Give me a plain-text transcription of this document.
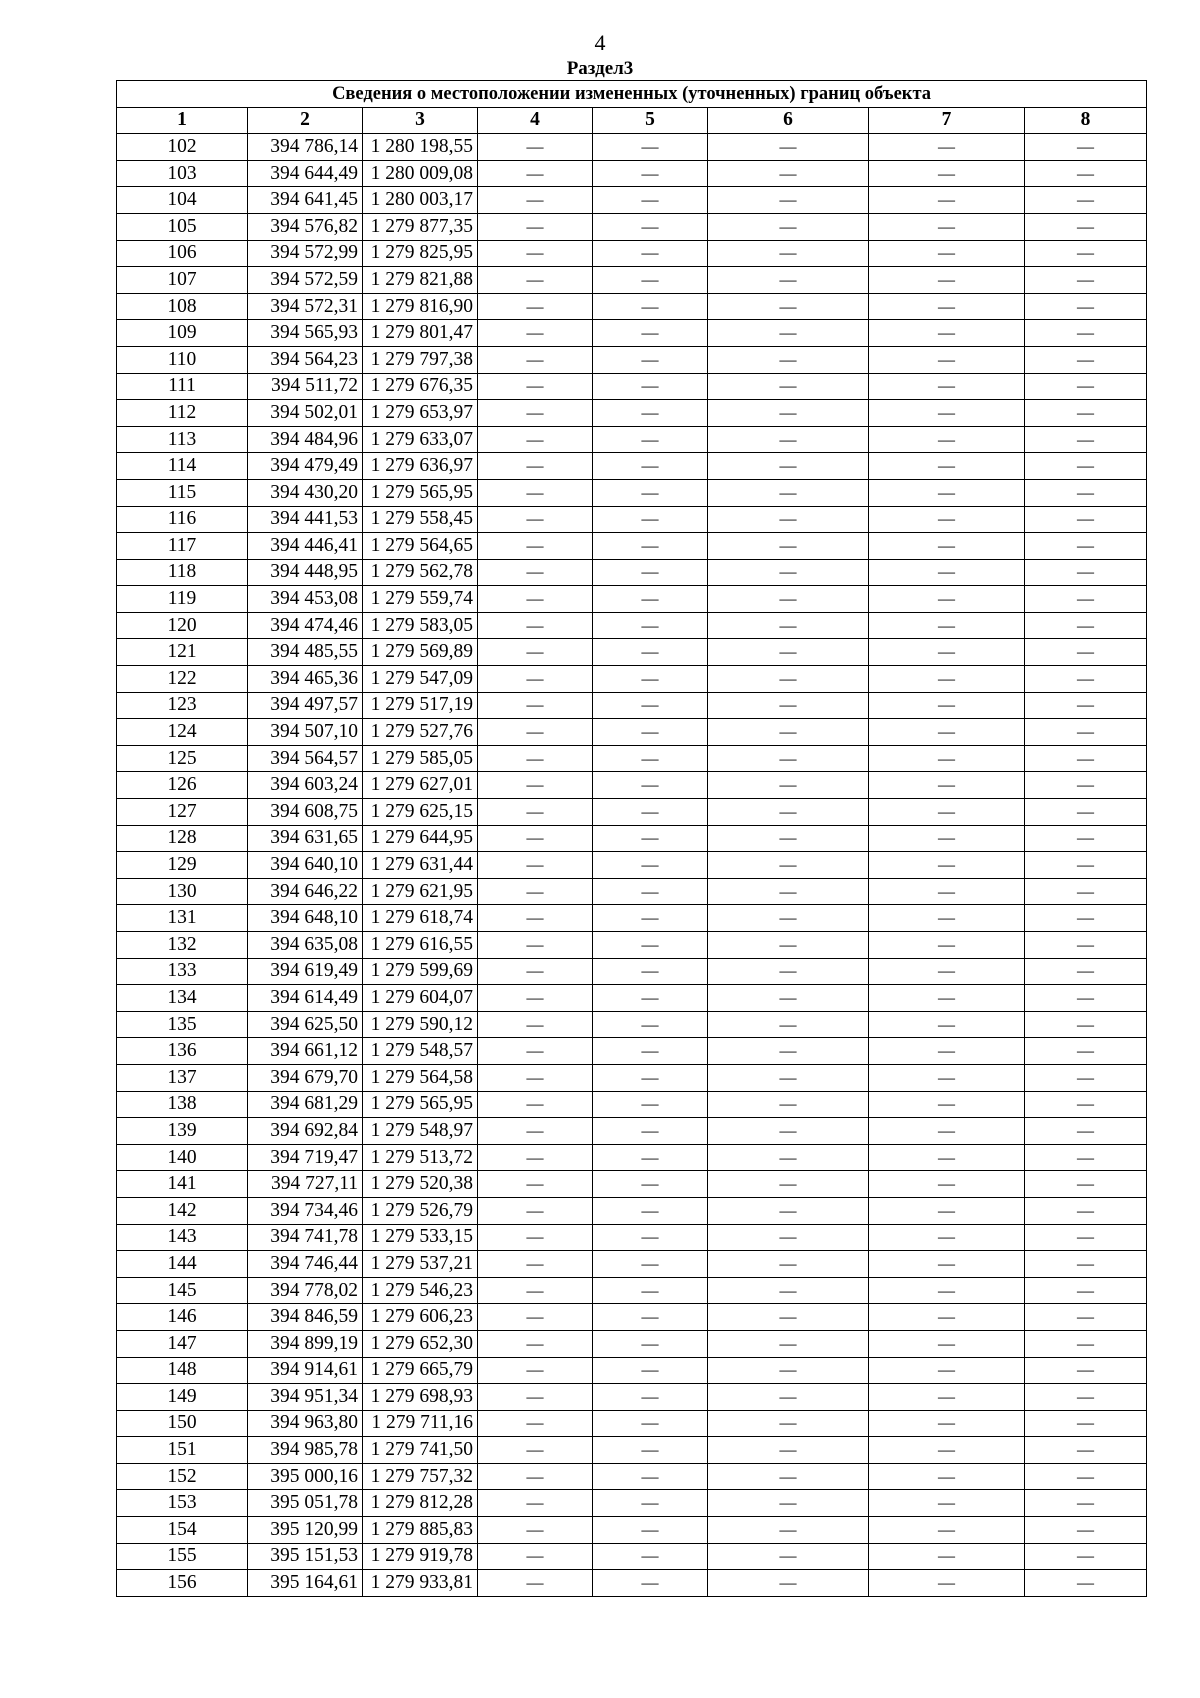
4
Раздел3
Сведения о местоположении измененных (уточненных) границ объекта							
1	2	3	4	5	6	7	8
102	394 786,14	1 280 198,55	—	—	—	—	—
103	394 644,49	1 280 009,08	—	—	—	—	—
104	394 641,45	1 280 003,17	—	—	—	—	—
105	394 576,82	1 279 877,35	—	—	—	—	—
106	394 572,99	1 279 825,95	—	—	—	—	—
107	394 572,59	1 279 821,88	—	—	—	—	—
108	394 572,31	1 279 816,90	—	—	—	—	—
109	394 565,93	1 279 801,47	—	—	—	—	—
110	394 564,23	1 279 797,38	—	—	—	—	—
111	394 511,72	1 279 676,35	—	—	—	—	—
112	394 502,01	1 279 653,97	—	—	—	—	—
113	394 484,96	1 279 633,07	—	—	—	—	—
114	394 479,49	1 279 636,97	—	—	—	—	—
115	394 430,20	1 279 565,95	—	—	—	—	—
116	394 441,53	1 279 558,45	—	—	—	—	—
117	394 446,41	1 279 564,65	—	—	—	—	—
118	394 448,95	1 279 562,78	—	—	—	—	—
119	394 453,08	1 279 559,74	—	—	—	—	—
120	394 474,46	1 279 583,05	—	—	—	—	—
121	394 485,55	1 279 569,89	—	—	—	—	—
122	394 465,36	1 279 547,09	—	—	—	—	—
123	394 497,57	1 279 517,19	—	—	—	—	—
124	394 507,10	1 279 527,76	—	—	—	—	—
125	394 564,57	1 279 585,05	—	—	—	—	—
126	394 603,24	1 279 627,01	—	—	—	—	—
127	394 608,75	1 279 625,15	—	—	—	—	—
128	394 631,65	1 279 644,95	—	—	—	—	—
129	394 640,10	1 279 631,44	—	—	—	—	—
130	394 646,22	1 279 621,95	—	—	—	—	—
131	394 648,10	1 279 618,74	—	—	—	—	—
132	394 635,08	1 279 616,55	—	—	—	—	—
133	394 619,49	1 279 599,69	—	—	—	—	—
134	394 614,49	1 279 604,07	—	—	—	—	—
135	394 625,50	1 279 590,12	—	—	—	—	—
136	394 661,12	1 279 548,57	—	—	—	—	—
137	394 679,70	1 279 564,58	—	—	—	—	—
138	394 681,29	1 279 565,95	—	—	—	—	—
139	394 692,84	1 279 548,97	—	—	—	—	—
140	394 719,47	1 279 513,72	—	—	—	—	—
141	394 727,11	1 279 520,38	—	—	—	—	—
142	394 734,46	1 279 526,79	—	—	—	—	—
143	394 741,78	1 279 533,15	—	—	—	—	—
144	394 746,44	1 279 537,21	—	—	—	—	—
145	394 778,02	1 279 546,23	—	—	—	—	—
146	394 846,59	1 279 606,23	—	—	—	—	—
147	394 899,19	1 279 652,30	—	—	—	—	—
148	394 914,61	1 279 665,79	—	—	—	—	—
149	394 951,34	1 279 698,93	—	—	—	—	—
150	394 963,80	1 279 711,16	—	—	—	—	—
151	394 985,78	1 279 741,50	—	—	—	—	—
152	395 000,16	1 279 757,32	—	—	—	—	—
153	395 051,78	1 279 812,28	—	—	—	—	—
154	395 120,99	1 279 885,83	—	—	—	—	—
155	395 151,53	1 279 919,78	—	—	—	—	—
156	395 164,61	1 279 933,81	—	—	—	—	—
